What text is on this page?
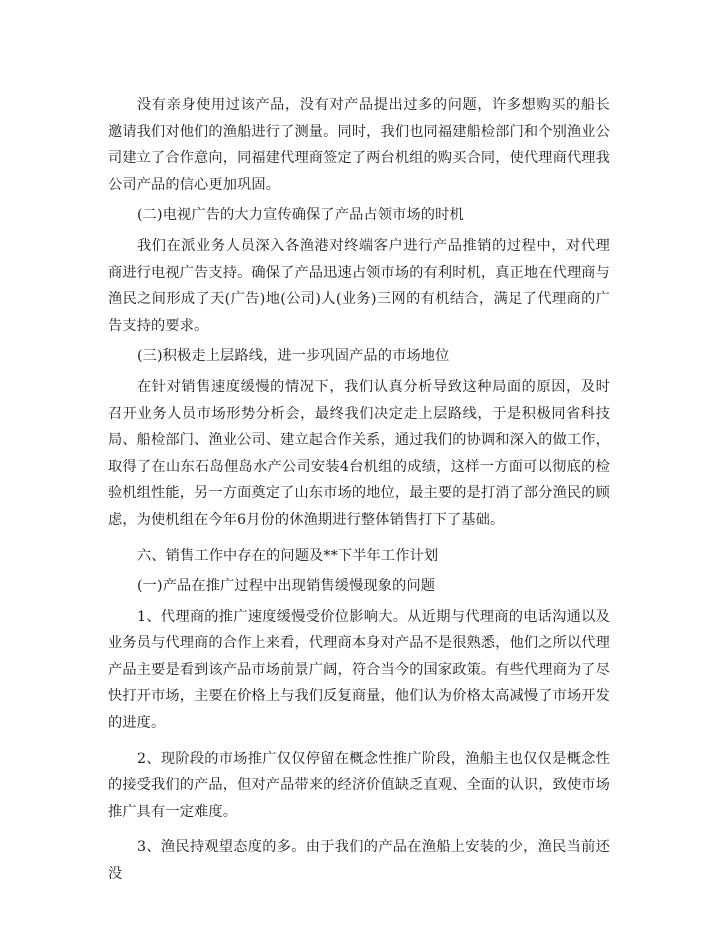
没有亲身使用过该产品，没有对产品提出过多的问题，许多想购买的船长邀请我们对他们的渔船进行了测量。同时，我们也同福建船检部门和个别渔业公司建立了合作意向，同福建代理商签定了两台机组的购买合同，使代理商代理我公司产品的信心更加巩固。

(二)电视广告的大力宣传确保了产品占领市场的时机

我们在派业务人员深入各渔港对终端客户进行产品推销的过程中，对代理商进行电视广告支持。确保了产品迅速占领市场的有利时机，真正地在代理商与渔民之间形成了天(广告)地(公司)人(业务)三网的有机结合，满足了代理商的广告支持的要求。

(三)积极走上层路线，进一步巩固产品的市场地位

在针对销售速度缓慢的情况下，我们认真分析导致这种局面的原因，及时召开业务人员市场形势分析会，最终我们决定走上层路线，于是积极同省科技局、船检部门、渔业公司、建立起合作关系，通过我们的协调和深入的做工作，取得了在山东石岛俚岛水产公司安装4台机组的成绩，这样一方面可以彻底的检验机组性能，另一方面奠定了山东市场的地位，最主要的是打消了部分渔民的顾虑，为使机组在今年6月份的休渔期进行整体销售打下了基础。

六、销售工作中存在的问题及**下半年工作计划

(一)产品在推广过程中出现销售缓慢现象的问题

1、代理商的推广速度缓慢受价位影响大。从近期与代理商的电话沟通以及业务员与代理商的合作上来看，代理商本身对产品不是很熟悉，他们之所以代理产品主要是看到该产品市场前景广阔，符合当今的国家政策。有些代理商为了尽快打开市场，主要在价格上与我们反复商量，他们认为价格太高减慢了市场开发的进度。

2、现阶段的市场推广仅仅停留在概念性推广阶段，渔船主也仅仅是概念性的接受我们的产品，但对产品带来的经济价值缺乏直观、全面的认识，致使市场推广具有一定难度。

3、渔民持观望态度的多。由于我们的产品在渔船上安装的少，渔民当前还没
